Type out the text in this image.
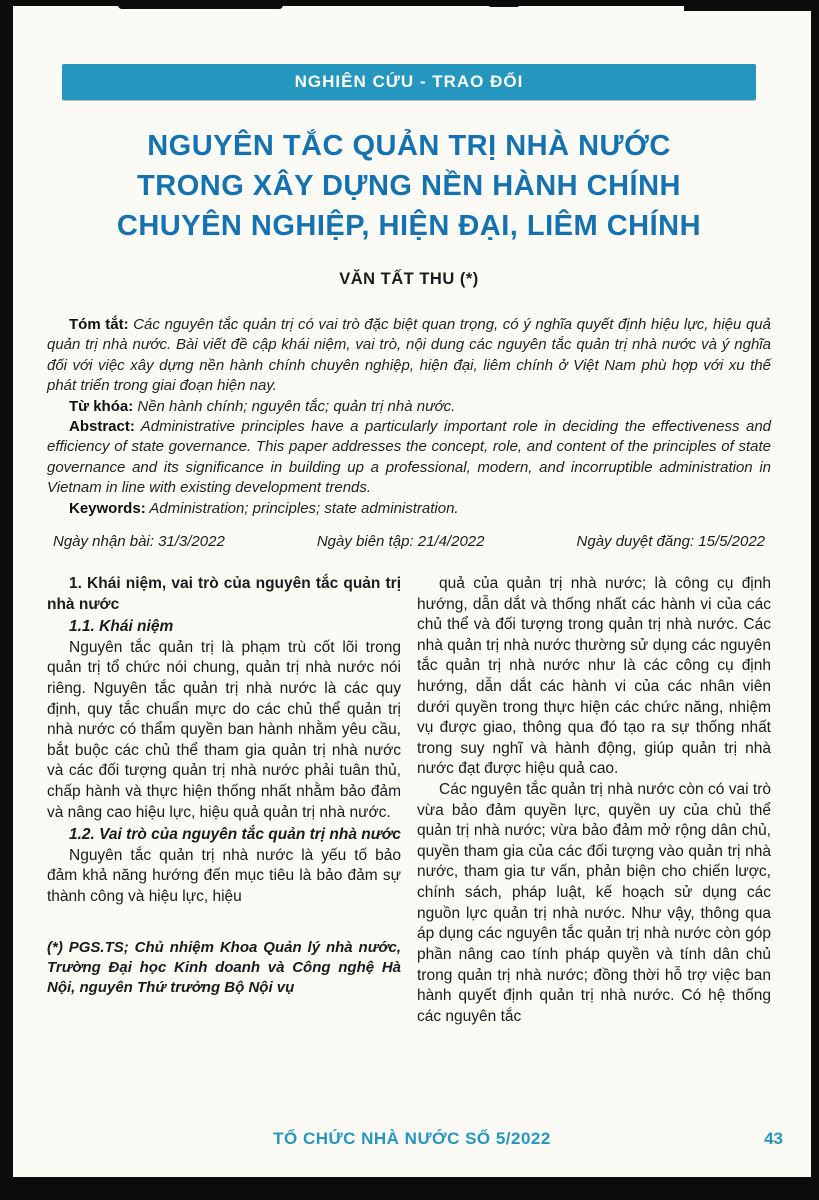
NGHIÊN CỨU - TRAO ĐỔI
NGUYÊN TẮC QUẢN TRỊ NHÀ NƯỚC
TRONG XÂY DỰNG NỀN HÀNH CHÍNH
CHUYÊN NGHIỆP, HIỆN ĐẠI, LIÊM CHÍNH
VĂN TẤT THU (*)

Tóm tắt: Các nguyên tắc quản trị có vai trò đặc biệt quan trọng, có ý nghĩa quyết định hiệu lực, hiệu quả quản trị nhà nước. Bài viết đề cập khái niệm, vai trò, nội dung các nguyên tắc quản trị nhà nước và ý nghĩa đối với việc xây dựng nền hành chính chuyên nghiệp, hiện đại, liêm chính ở Việt Nam phù hợp với xu thế phát triển trong giai đoạn hiện nay.

Từ khóa: Nền hành chính; nguyên tắc; quản trị nhà nước.

Abstract: Administrative principles have a particularly important role in deciding the effectiveness and efficiency of state governance. This paper addresses the concept, role, and content of the principles of state governance and its significance in building up a professional, modern, and incorruptible administration in Vietnam in line with existing development trends.

Keywords: Administration; principles; state administration.

Ngày nhận bài: 31/3/2022	Ngày biên tập: 21/4/2022	Ngày duyệt đăng: 15/5/2022
1. Khái niệm, vai trò của nguyên tắc quản trị nhà nước
1.1. Khái niệm

Nguyên tắc quản trị là phạm trù cốt lõi trong quản trị tổ chức nói chung, quản trị nhà nước nói riêng. Nguyên tắc quản trị nhà nước là các quy định, quy tắc chuẩn mực do các chủ thể quản trị nhà nước có thẩm quyền ban hành nhằm yêu cầu, bắt buộc các chủ thể tham gia quản trị nhà nước và các đối tượng quản trị nhà nước phải tuân thủ, chấp hành và thực hiện thống nhất nhằm bảo đảm và nâng cao hiệu lực, hiệu quả quản trị nhà nước.

1.2. Vai trò của nguyên tắc quản trị nhà nước

Nguyên tắc quản trị nhà nước là yếu tố bảo đảm khả năng hướng đến mục tiêu là bảo đảm sự thành công và hiệu lực, hiệu

(*) PGS.TS; Chủ nhiệm Khoa Quản lý nhà nước, Trường Đại học Kinh doanh và Công nghệ Hà Nội, nguyên Thứ trưởng Bộ Nội vụ

quả của quản trị nhà nước; là công cụ định hướng, dẫn dắt và thống nhất các hành vi của các chủ thể và đối tượng trong quản trị nhà nước. Các nhà quản trị nhà nước thường sử dụng các nguyên tắc quản trị nhà nước như là các công cụ định hướng, dẫn dắt các hành vi của các nhân viên dưới quyền trong thực hiện các chức năng, nhiệm vụ được giao, thông qua đó tạo ra sự thống nhất trong suy nghĩ và hành động, giúp quản trị nhà nước đạt được hiệu quả cao.

Các nguyên tắc quản trị nhà nước còn có vai trò vừa bảo đảm quyền lực, quyền uy của chủ thể quản trị nhà nước; vừa bảo đảm mở rộng dân chủ, quyền tham gia của các đối tượng vào quản trị nhà nước, tham gia tư vấn, phản biện cho chiến lược, chính sách, pháp luật, kế hoạch sử dụng các nguồn lực quản trị nhà nước. Như vậy, thông qua áp dụng các nguyên tắc quản trị nhà nước còn góp phần nâng cao tính pháp quyền và tính dân chủ trong quản trị nhà nước; đồng thời hỗ trợ việc ban hành quyết định quản trị nhà nước. Có hệ thống các nguyên tắc

TỔ CHỨC NHÀ NƯỚC SỐ 5/2022	43
